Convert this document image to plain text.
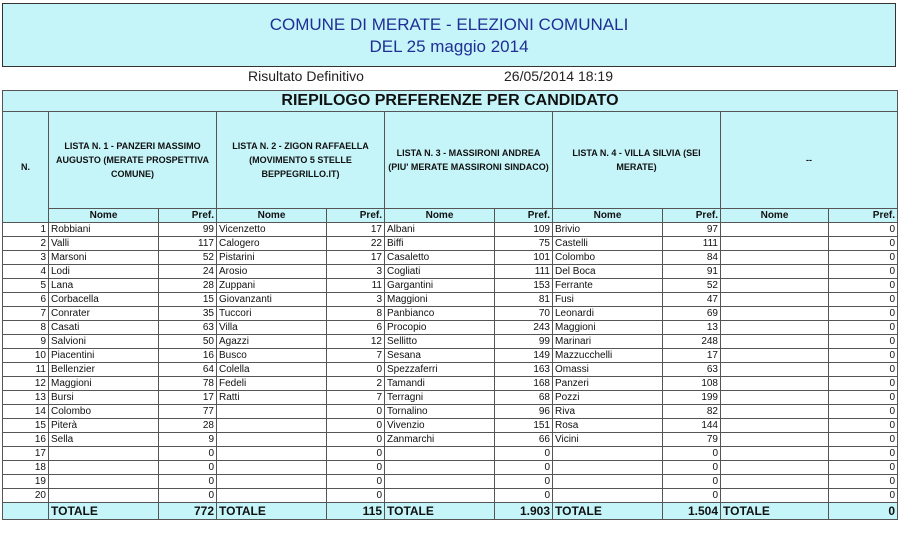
COMUNE DI MERATE - ELEZIONI COMUNALI
DEL 25 maggio 2014
Risultato Definitivo	26/05/2014 18:19
RIEPILOGO PREFERENZE PER CANDIDATO										
N.	LISTA N. 1 - PANZERI MASSIMO AUGUSTO (MERATE PROSPETTIVA COMUNE)		LISTA N. 2 - ZIGON RAFFAELLA (MOVIMENTO 5 STELLE BEPPEGRILLO.IT)		LISTA N. 3 - MASSIRONI ANDREA (PIU' MERATE MASSIRONI SINDACO)		LISTA N. 4 - VILLA SILVIA (SEI MERATE)		--	
	Nome	Pref.	Nome	Pref.	Nome	Pref.	Nome	Pref.	Nome	Pref.
1	Robbiani	99	Vicenzetto	17	Albani	109	Brivio	97		0
2	Valli	117	Calogero	22	Biffi	75	Castelli	111		0
3	Marsoni	52	Pistarini	17	Casaletto	101	Colombo	84		0
4	Lodi	24	Arosio	3	Cogliati	111	Del Boca	91		0
5	Lana	28	Zuppani	11	Gargantini	153	Ferrante	52		0
6	Corbacella	15	Giovanzanti	3	Maggioni	81	Fusi	47		0
7	Conrater	35	Tuccori	8	Panbianco	70	Leonardi	69		0
8	Casati	63	Villa	6	Procopio	243	Maggioni	13		0
9	Salvioni	50	Agazzi	12	Sellitto	99	Marinari	248		0
10	Piacentini	16	Busco	7	Sesana	149	Mazzucchelli	17		0
11	Bellenzier	64	Colella	0	Spezzaferri	163	Omassi	63		0
12	Maggioni	78	Fedeli	2	Tamandi	168	Panzeri	108		0
13	Bursi	17	Ratti	7	Terragni	68	Pozzi	199		0
14	Colombo	77		0	Tornalino	96	Riva	82		0
15	Piterà	28		0	Vivenzio	151	Rosa	144		0
16	Sella	9		0	Zanmarchi	66	Vicini	79		0
17		0		0		0		0		0
18		0		0		0		0		0
19		0		0		0		0		0
20		0		0		0		0		0
	TOTALE	772	TOTALE	115	TOTALE	1.903	TOTALE	1.504	TOTALE	0
